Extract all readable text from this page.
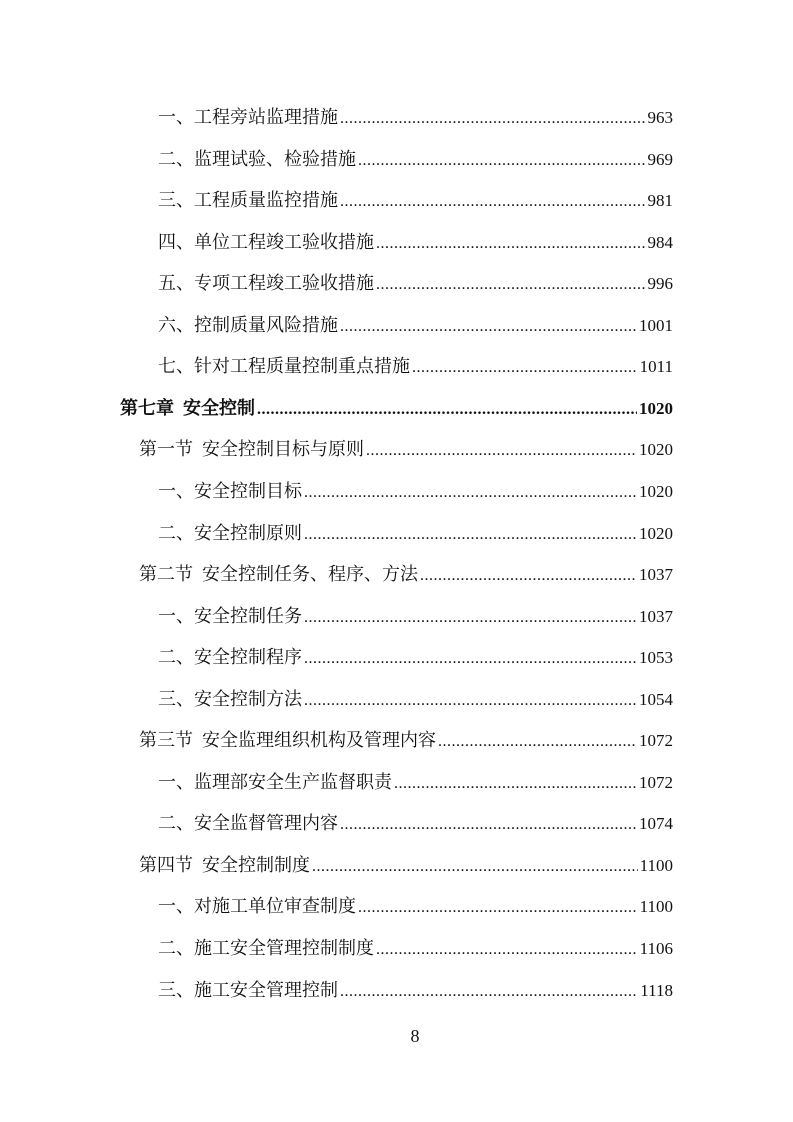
一、工程旁站监理措施 .....	963
二、监理试验、检验措施 .....	969
三、工程质量监控措施 .....	981
四、单位工程竣工验收措施 .....	984
五、专项工程竣工验收措施 .....	996
六、控制质量风险措施 .....	1001
七、针对工程质量控制重点措施 .....	1011
第七章  安全控制 .....	1020
第一节  安全控制目标与原则 .....	1020
一、安全控制目标 .....	1020
二、安全控制原则 .....	1020
第二节  安全控制任务、程序、方法 .....	1037
一、安全控制任务 .....	1037
二、安全控制程序 .....	1053
三、安全控制方法 .....	1054
第三节  安全监理组织机构及管理内容 .....	1072
一、监理部安全生产监督职责 .....	1072
二、安全监督管理内容 .....	1074
第四节  安全控制制度 .....	1100
一、对施工单位审查制度 .....	1100
二、施工安全管理控制制度 .....	1106
三、施工安全管理控制 .....	1118
8
